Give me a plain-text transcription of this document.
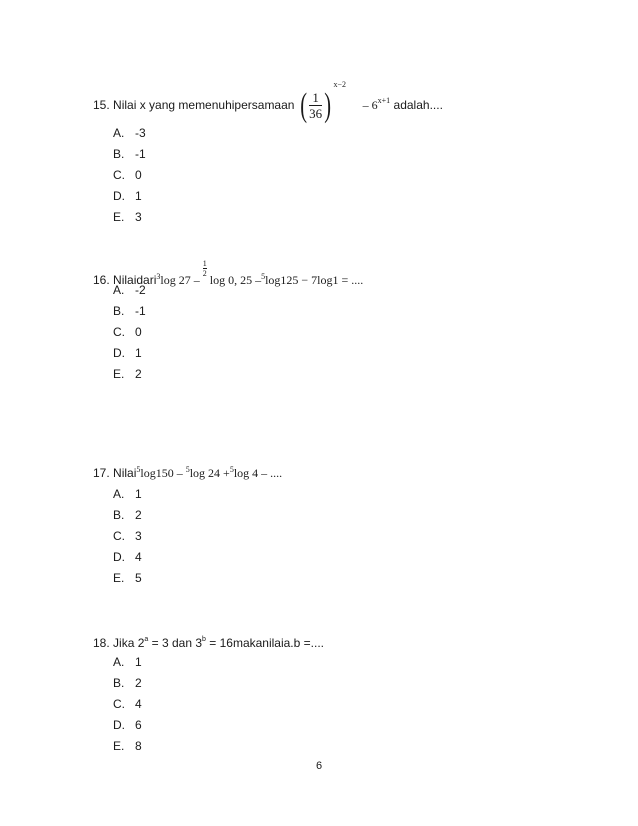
15. Nilai x yang memenuhipersamaan ( $\frac{1}{36} )^{x-2} - 6^{x+1}$ adalah....
A. -3
B. -1
C. 0
D. 1
E. 3
16. Nilaidari$^3$log 27 –
$\frac{1}{2}$
log 0, 25 –$^5$log125 − 7log1 = ....
A. -2
B. -1
C. 0
D. 1
E. 2
17. Nilai$^5$log150 – $^5$log 24 +$^5$log 4 – ....
A. 1
B. 2
C. 3
D. 4
E. 5
18. Jika $2^a = 3$ dan $3^b$ = 16makanilaia.b =....
A. 1
B. 2
C. 4
D. 6
E. 8
6
